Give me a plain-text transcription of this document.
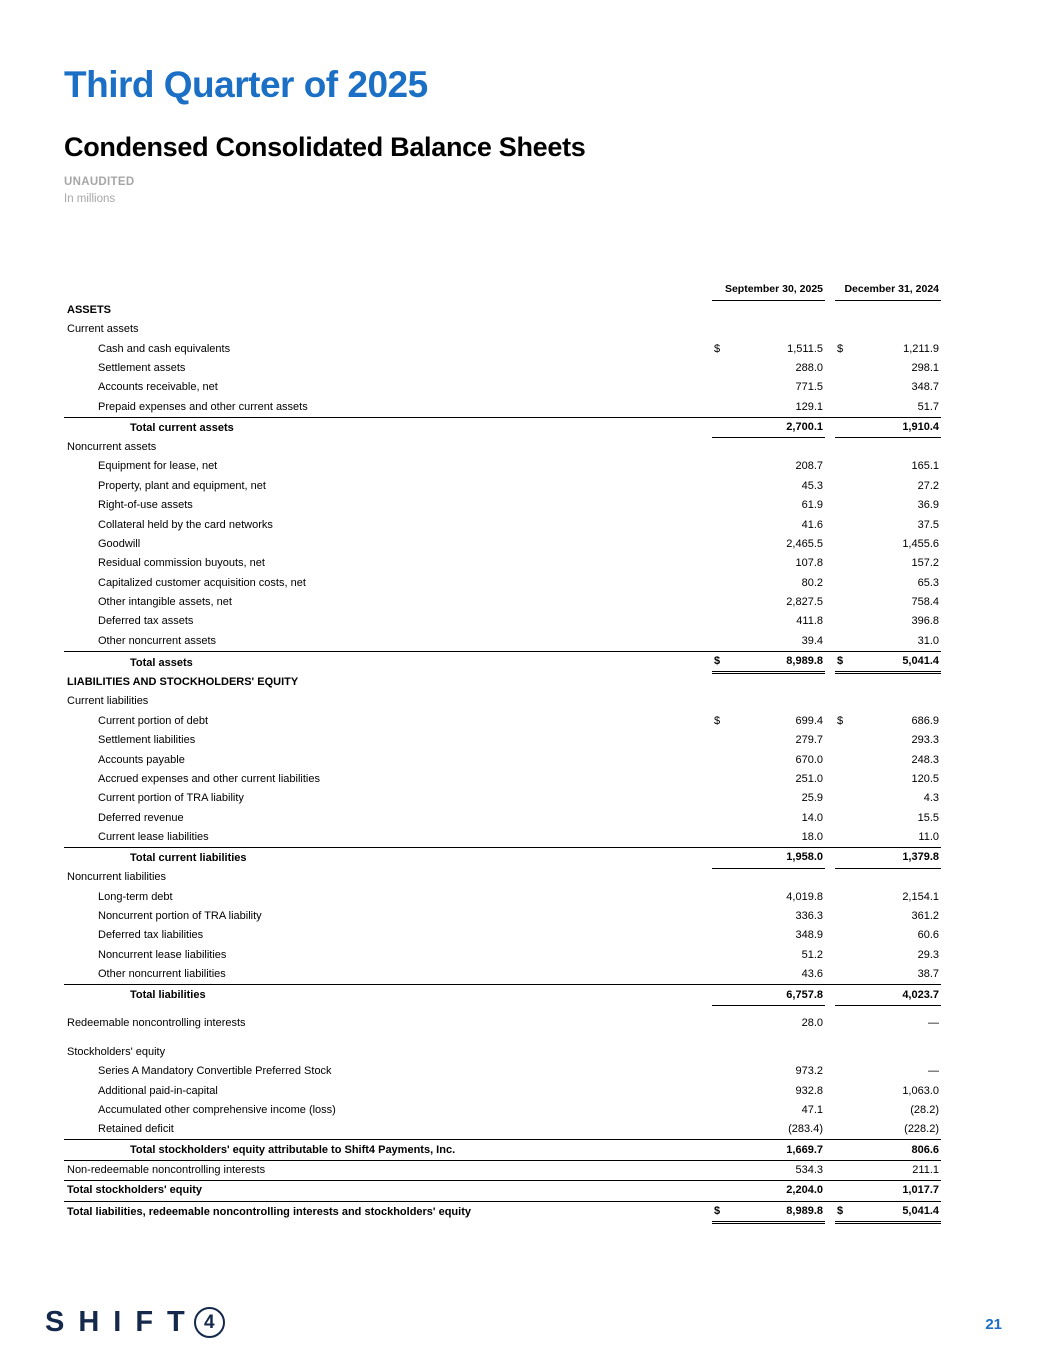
Third Quarter of 2025
Condensed Consolidated Balance Sheets
UNAUDITED
In millions
	September 30, 2025			December 31, 2024	
ASSETS					
Current assets					
Cash and cash equivalents	$	1,511.5		$	1,211.9
Settlement assets		288.0			298.1
Accounts receivable, net		771.5			348.7
Prepaid expenses and other current assets		129.1			51.7
Total current assets		2,700.1			1,910.4
Noncurrent assets					
Equipment for lease, net		208.7			165.1
Property, plant and equipment, net		45.3			27.2
Right-of-use assets		61.9			36.9
Collateral held by the card networks		41.6			37.5
Goodwill		2,465.5			1,455.6
Residual commission buyouts, net		107.8			157.2
Capitalized customer acquisition costs, net		80.2			65.3
Other intangible assets, net		2,827.5			758.4
Deferred tax assets		411.8			396.8
Other noncurrent assets		39.4			31.0
Total assets	$	8,989.8		$	5,041.4
LIABILITIES AND STOCKHOLDERS' EQUITY					
Current liabilities					
Current portion of debt	$	699.4		$	686.9
Settlement liabilities		279.7			293.3
Accounts payable		670.0			248.3
Accrued expenses and other current liabilities		251.0			120.5
Current portion of TRA liability		25.9			4.3
Deferred revenue		14.0			15.5
Current lease liabilities		18.0			11.0
Total current liabilities		1,958.0			1,379.8
Noncurrent liabilities					
Long-term debt		4,019.8			2,154.1
Noncurrent portion of TRA liability		336.3			361.2
Deferred tax liabilities		348.9			60.6
Noncurrent lease liabilities		51.2			29.3
Other noncurrent liabilities		43.6			38.7
Total liabilities		6,757.8			4,023.7

Redeemable noncontrolling interests		28.0			—

Stockholders' equity					
Series A Mandatory Convertible Preferred Stock		973.2			—
Additional paid-in-capital		932.8			1,063.0
Accumulated other comprehensive income (loss)		47.1			(28.2)
Retained deficit		(283.4)			(228.2)
Total stockholders' equity attributable to Shift4 Payments, Inc.		1,669.7			806.6
Non-redeemable noncontrolling interests		534.3			211.1
Total stockholders' equity		2,204.0			1,017.7
Total liabilities, redeemable noncontrolling interests and stockholders' equity	$	8,989.8		$	5,041.4
SHIFT 4	21
